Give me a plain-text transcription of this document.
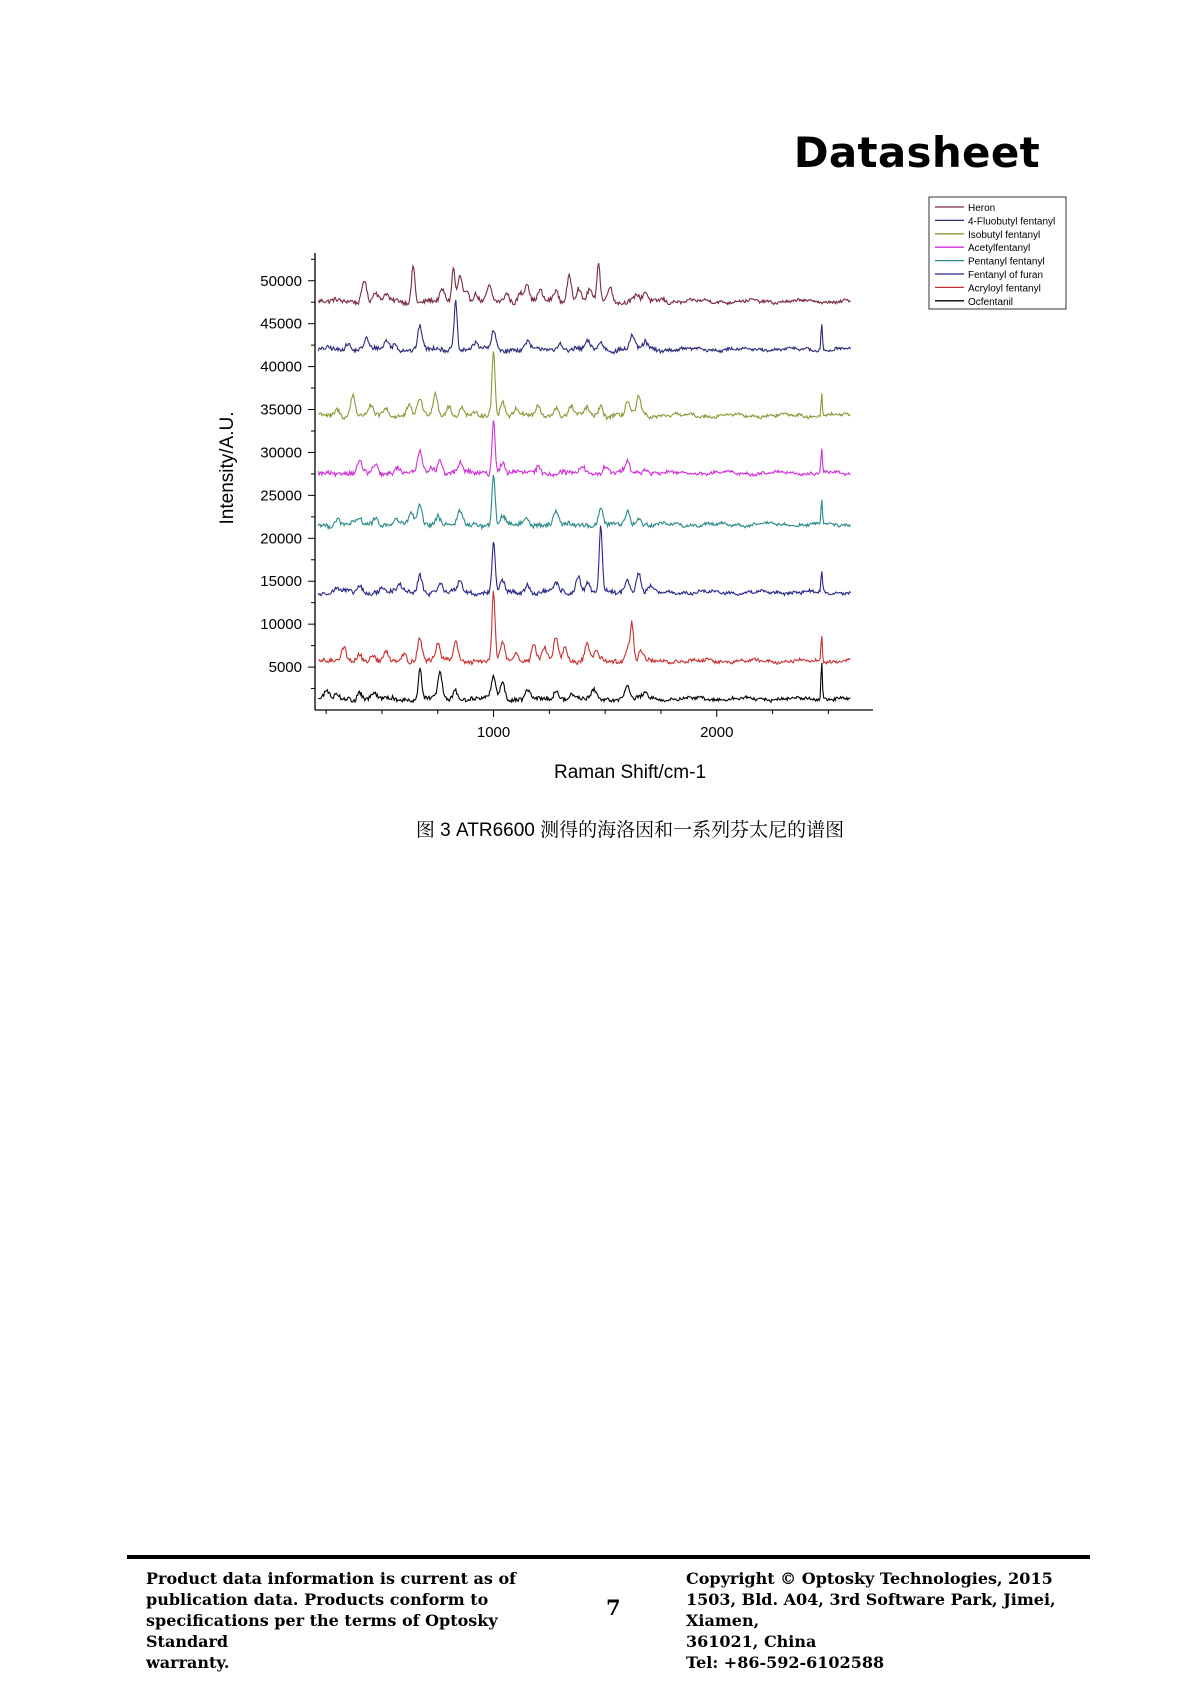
Datasheet
5000
10000
15000
20000
25000
30000
35000
40000
45000
50000
1000	2000
Intensity/A.U.
Raman Shift/cm-1
Heron
4-Fluobutyl fentanyl
Isobutyl fentanyl
Acetylfentanyl
Pentanyl fentanyl
Fentanyl of furan
Acryloyl fentanyl
Ocfentanil
图 3 ATR6600 测得的海洛因和一系列芬太尼的谱图
Product data information is current as of
publication data. Products conform to
specifications per the terms of Optosky Standard
warranty.
7
Copyright © Optosky Technologies, 2015
1503, Bld. A04, 3rd Software Park, Jimei, Xiamen,
361021, China
Tel: +86-592-6102588
